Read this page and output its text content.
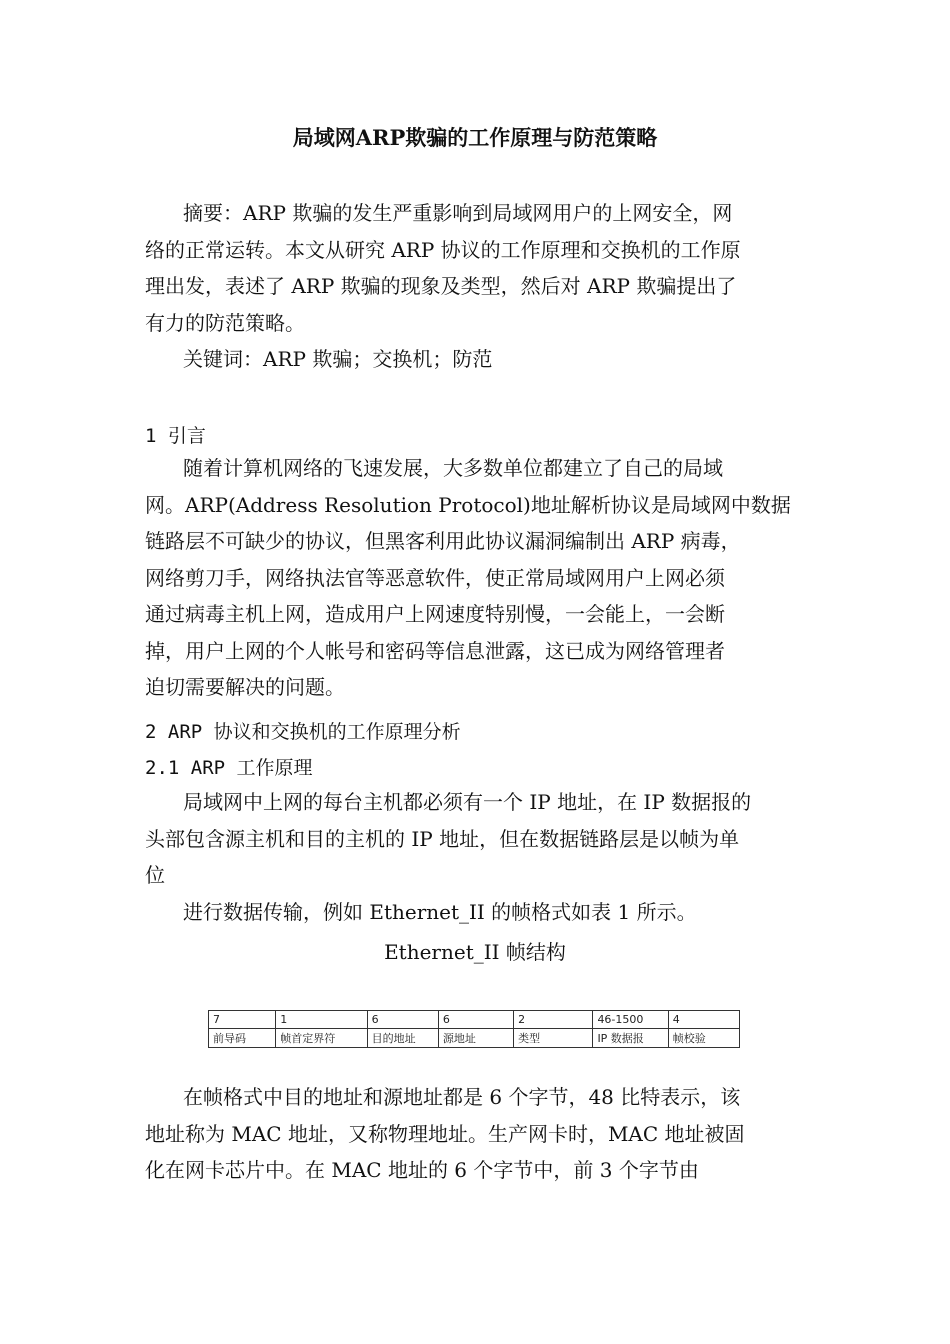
局域网ARP欺骗的工作原理与防范策略
摘要：ARP 欺骗的发生严重影响到局域网用户的上网安全，网
络的正常运转。本文从研究 ARP 协议的工作原理和交换机的工作原
理出发，表述了 ARP 欺骗的现象及类型，然后对 ARP 欺骗提出了
有力的防范策略。
关键词：ARP 欺骗；交换机；防范
1 引言
随着计算机网络的飞速发展，大多数单位都建立了自己的局域
网。ARP(Address Resolution Protocol)地址解析协议是局域网中数据
链路层不可缺少的协议，但黑客利用此协议漏洞编制出 ARP 病毒，
网络剪刀手，网络执法官等恶意软件，使正常局域网用户上网必须
通过病毒主机上网，造成用户上网速度特别慢，一会能上，一会断
掉，用户上网的个人帐号和密码等信息泄露，这已成为网络管理者
迫切需要解决的问题。
2 ARP 协议和交换机的工作原理分析
2.1 ARP 工作原理
局域网中上网的每台主机都必须有一个 IP 地址，在 IP 数据报的
头部包含源主机和目的主机的 IP 地址，但在数据链路层是以帧为单
位
进行数据传输，例如 Ethernet_II 的帧格式如表 1 所示。
Ethernet_II 帧结构
7	1	6	6	2	46-1500	4
前导码	帧首定界符	目的地址	源地址	类型	IP 数据报	帧校验
在帧格式中目的地址和源地址都是 6 个字节，48 比特表示，该
地址称为 MAC 地址，又称物理地址。生产网卡时，MAC 地址被固
化在网卡芯片中。在 MAC 地址的 6 个字节中，前 3 个字节由
